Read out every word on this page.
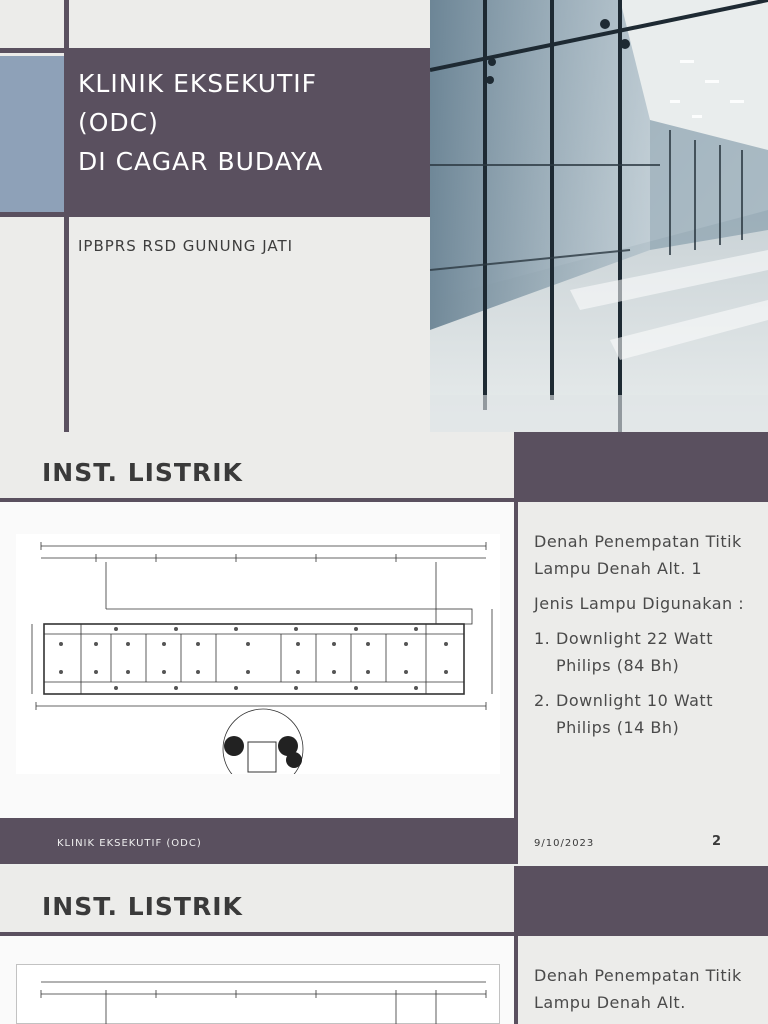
KLINIK EKSEKUTIF
(ODC)
DI CAGAR BUDAYA
IPBPRS RSD GUNUNG JATI
INST. LISTRIK

Denah Penempatan Titik Lampu Denah Alt. 1

Jenis Lampu Digunakan :

1. Downlight 22 Watt Philips (84 Bh)
2. Downlight 10 Watt Philips (14 Bh)
KLINIK EKSEKUTIF (ODC)	9/10/2023	2
INST. LISTRIK

Denah Penempatan Titik Lampu Denah Alt.
